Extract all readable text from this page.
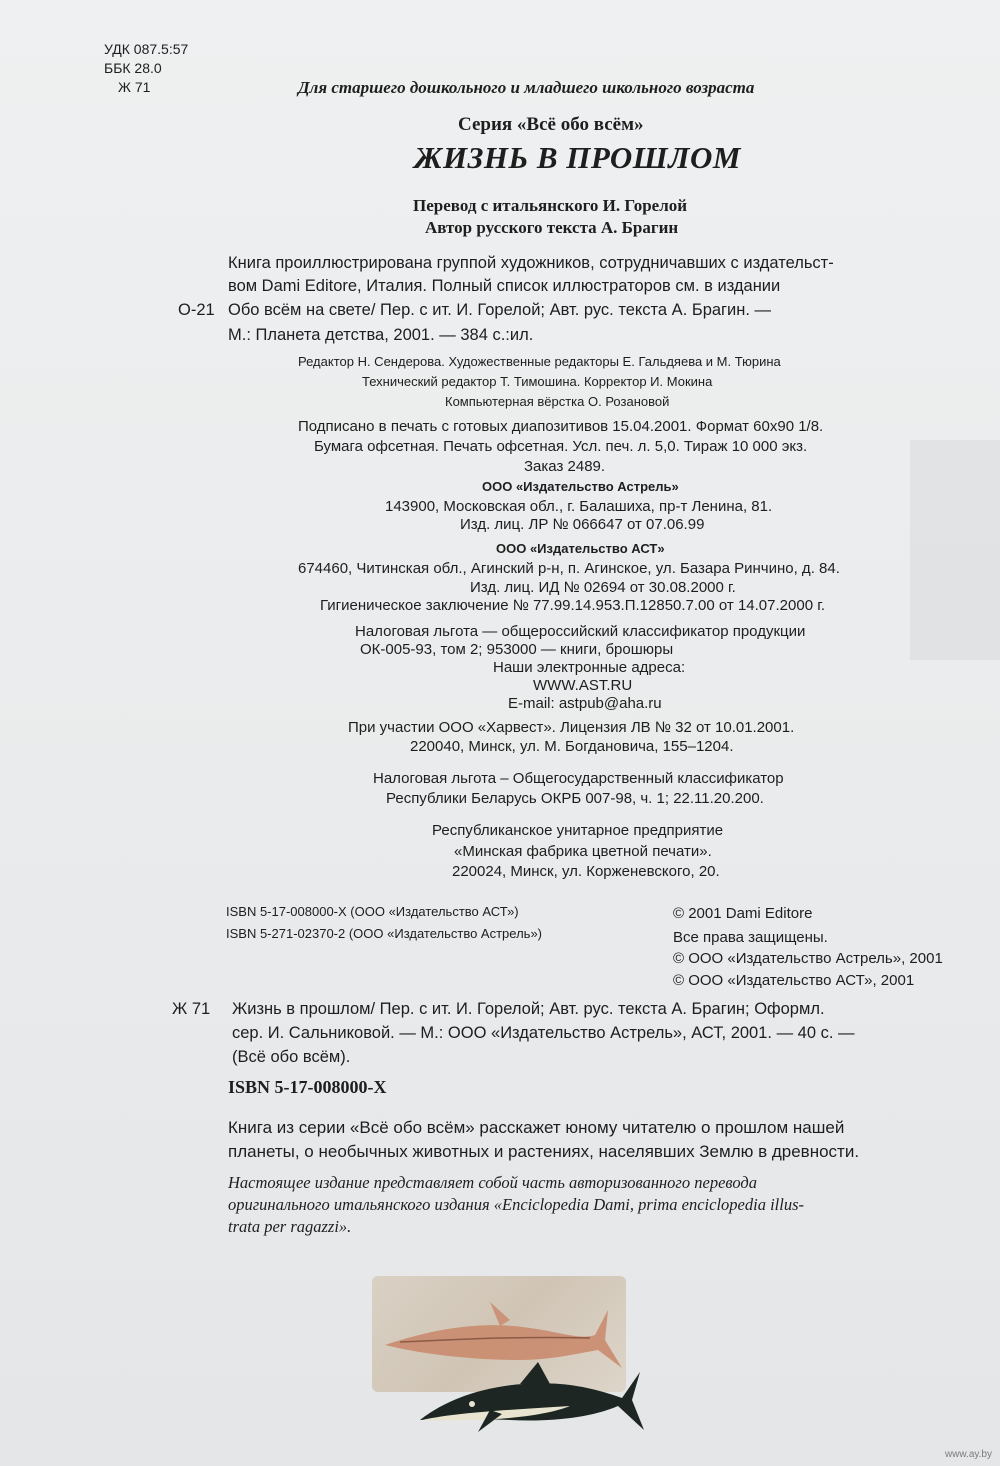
УДК 087.5:57
ББК 28.0
Ж 71	Для старшего дошкольного и младшего школьного возраста
Серия «Всё обо всём»
ЖИЗНЬ В ПРОШЛОМ
Перевод с итальянского И. Горелой
Автор русского текста А. Брагин
Книга проиллюстрирована группой художников, сотрудничавших с издательст-
вом Dami Editore, Италия. Полный список иллюстраторов см. в издании
О-21 Обо всём на свете/ Пер. с ит. И. Горелой; Авт. рус. текста А. Брагин. —
М.: Планета детства, 2001. — 384 с.:ил.
Редактор Н. Сендерова. Художественные редакторы Е. Гальдяева и М. Тюрина
Технический редактор Т. Тимошина. Корректор И. Мокина
Компьютерная вёрстка О. Розановой
Подписано в печать с готовых диапозитивов 15.04.2001. Формат 60x90 1/8.
Бумага офсетная. Печать офсетная. Усл. печ. л. 5,0. Тираж 10 000 экз.
Заказ 2489.
ООО «Издательство Астрель»
143900, Московская обл., г. Балашиха, пр-т Ленина, 81.
Изд. лиц. ЛР № 066647 от 07.06.99
ООО «Издательство АСТ»
674460, Читинская обл., Агинский р-н, п. Агинское, ул. Базара Ринчино, д. 84.
Изд. лиц. ИД № 02694 от 30.08.2000 г.
Гигиеническое заключение № 77.99.14.953.П.12850.7.00 от 14.07.2000 г.
Налоговая льгота — общероссийский классификатор продукции
ОК-005-93, том 2; 953000 — книги, брошюры
Наши электронные адреса:
WWW.AST.RU
E-mail: astpub@aha.ru
При участии ООО «Харвест». Лицензия ЛВ № 32 от 10.01.2001.
220040, Минск, ул. М. Богдановича, 155–1204.
Налоговая льгота – Общегосударственный классификатор
Республики Беларусь ОКРБ 007-98, ч. 1; 22.11.20.200.
Республиканское унитарное предприятие
«Минская фабрика цветной печати».
220024, Минск, ул. Корженевского, 20.
ISBN 5-17-008000-X (ООО «Издательство АСТ»)
ISBN 5-271-02370-2 (ООО «Издательство Астрель»)
© 2001 Dami Editore
Все права защищены.
© ООО «Издательство Астрель», 2001
© ООО «Издательство АСТ», 2001
Ж 71 Жизнь в прошлом/ Пер. с ит. И. Горелой; Авт. рус. текста А. Брагин; Оформл.
сер. И. Сальниковой. — М.: ООО «Издательство Астрель», АСТ, 2001. — 40 с. —
(Всё обо всём).
ISBN 5-17-008000-X
Книга из серии «Всё обо всём» расскажет юному читателю о прошлом нашей
планеты, о необычных животных и растениях, населявших Землю в древности.
Настоящее издание представляет собой часть авторизованного перевода
оригинального итальянского издания «Enciclopedia Dami, prima enciclopedia illus-
trata per ragazzi».
www.ay.by
